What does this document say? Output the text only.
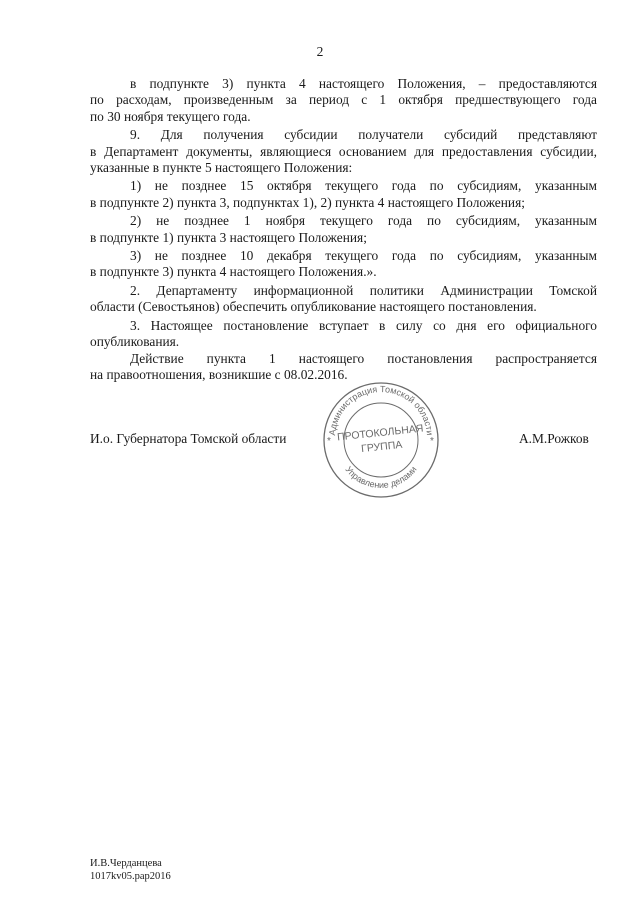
2

в подпункте 3) пункта 4 настоящего Положения, – предоставляются
по расходам, произведенным за период с 1 октября предшествующего года
по 30 ноября текущего года.

9. Для получения субсидии получатели субсидий представляют
в Департамент документы, являющиеся основанием для предоставления субсидии,
указанные в пункте 5 настоящего Положения:

1) не позднее 15 октября текущего года по субсидиям, указанным
в подпункте 2) пункта 3, подпунктах 1), 2) пункта 4 настоящего Положения;

2) не позднее 1 ноября текущего года по субсидиям, указанным
в подпункте 1) пункта 3 настоящего Положения;

3) не позднее 10 декабря текущего года по субсидиям, указанным
в подпункте 3) пункта 4 настоящего Положения.».

2. Департаменту информационной политики Администрации Томской
области (Севостьянов) обеспечить опубликование настоящего постановления.

3. Настоящее постановление вступает в силу со дня его официального
опубликования.

Действие пункта 1 настоящего постановления распространяется
на правоотношения, возникшие с 08.02.2016.

И.о. Губернатора Томской области	Администрация Томской области
Управление делами
*	*
ПРОТОКОЛЬНАЯ
ГРУППА
А.М.Рожков
И.В.Черданцева
1017kv05.pap2016
